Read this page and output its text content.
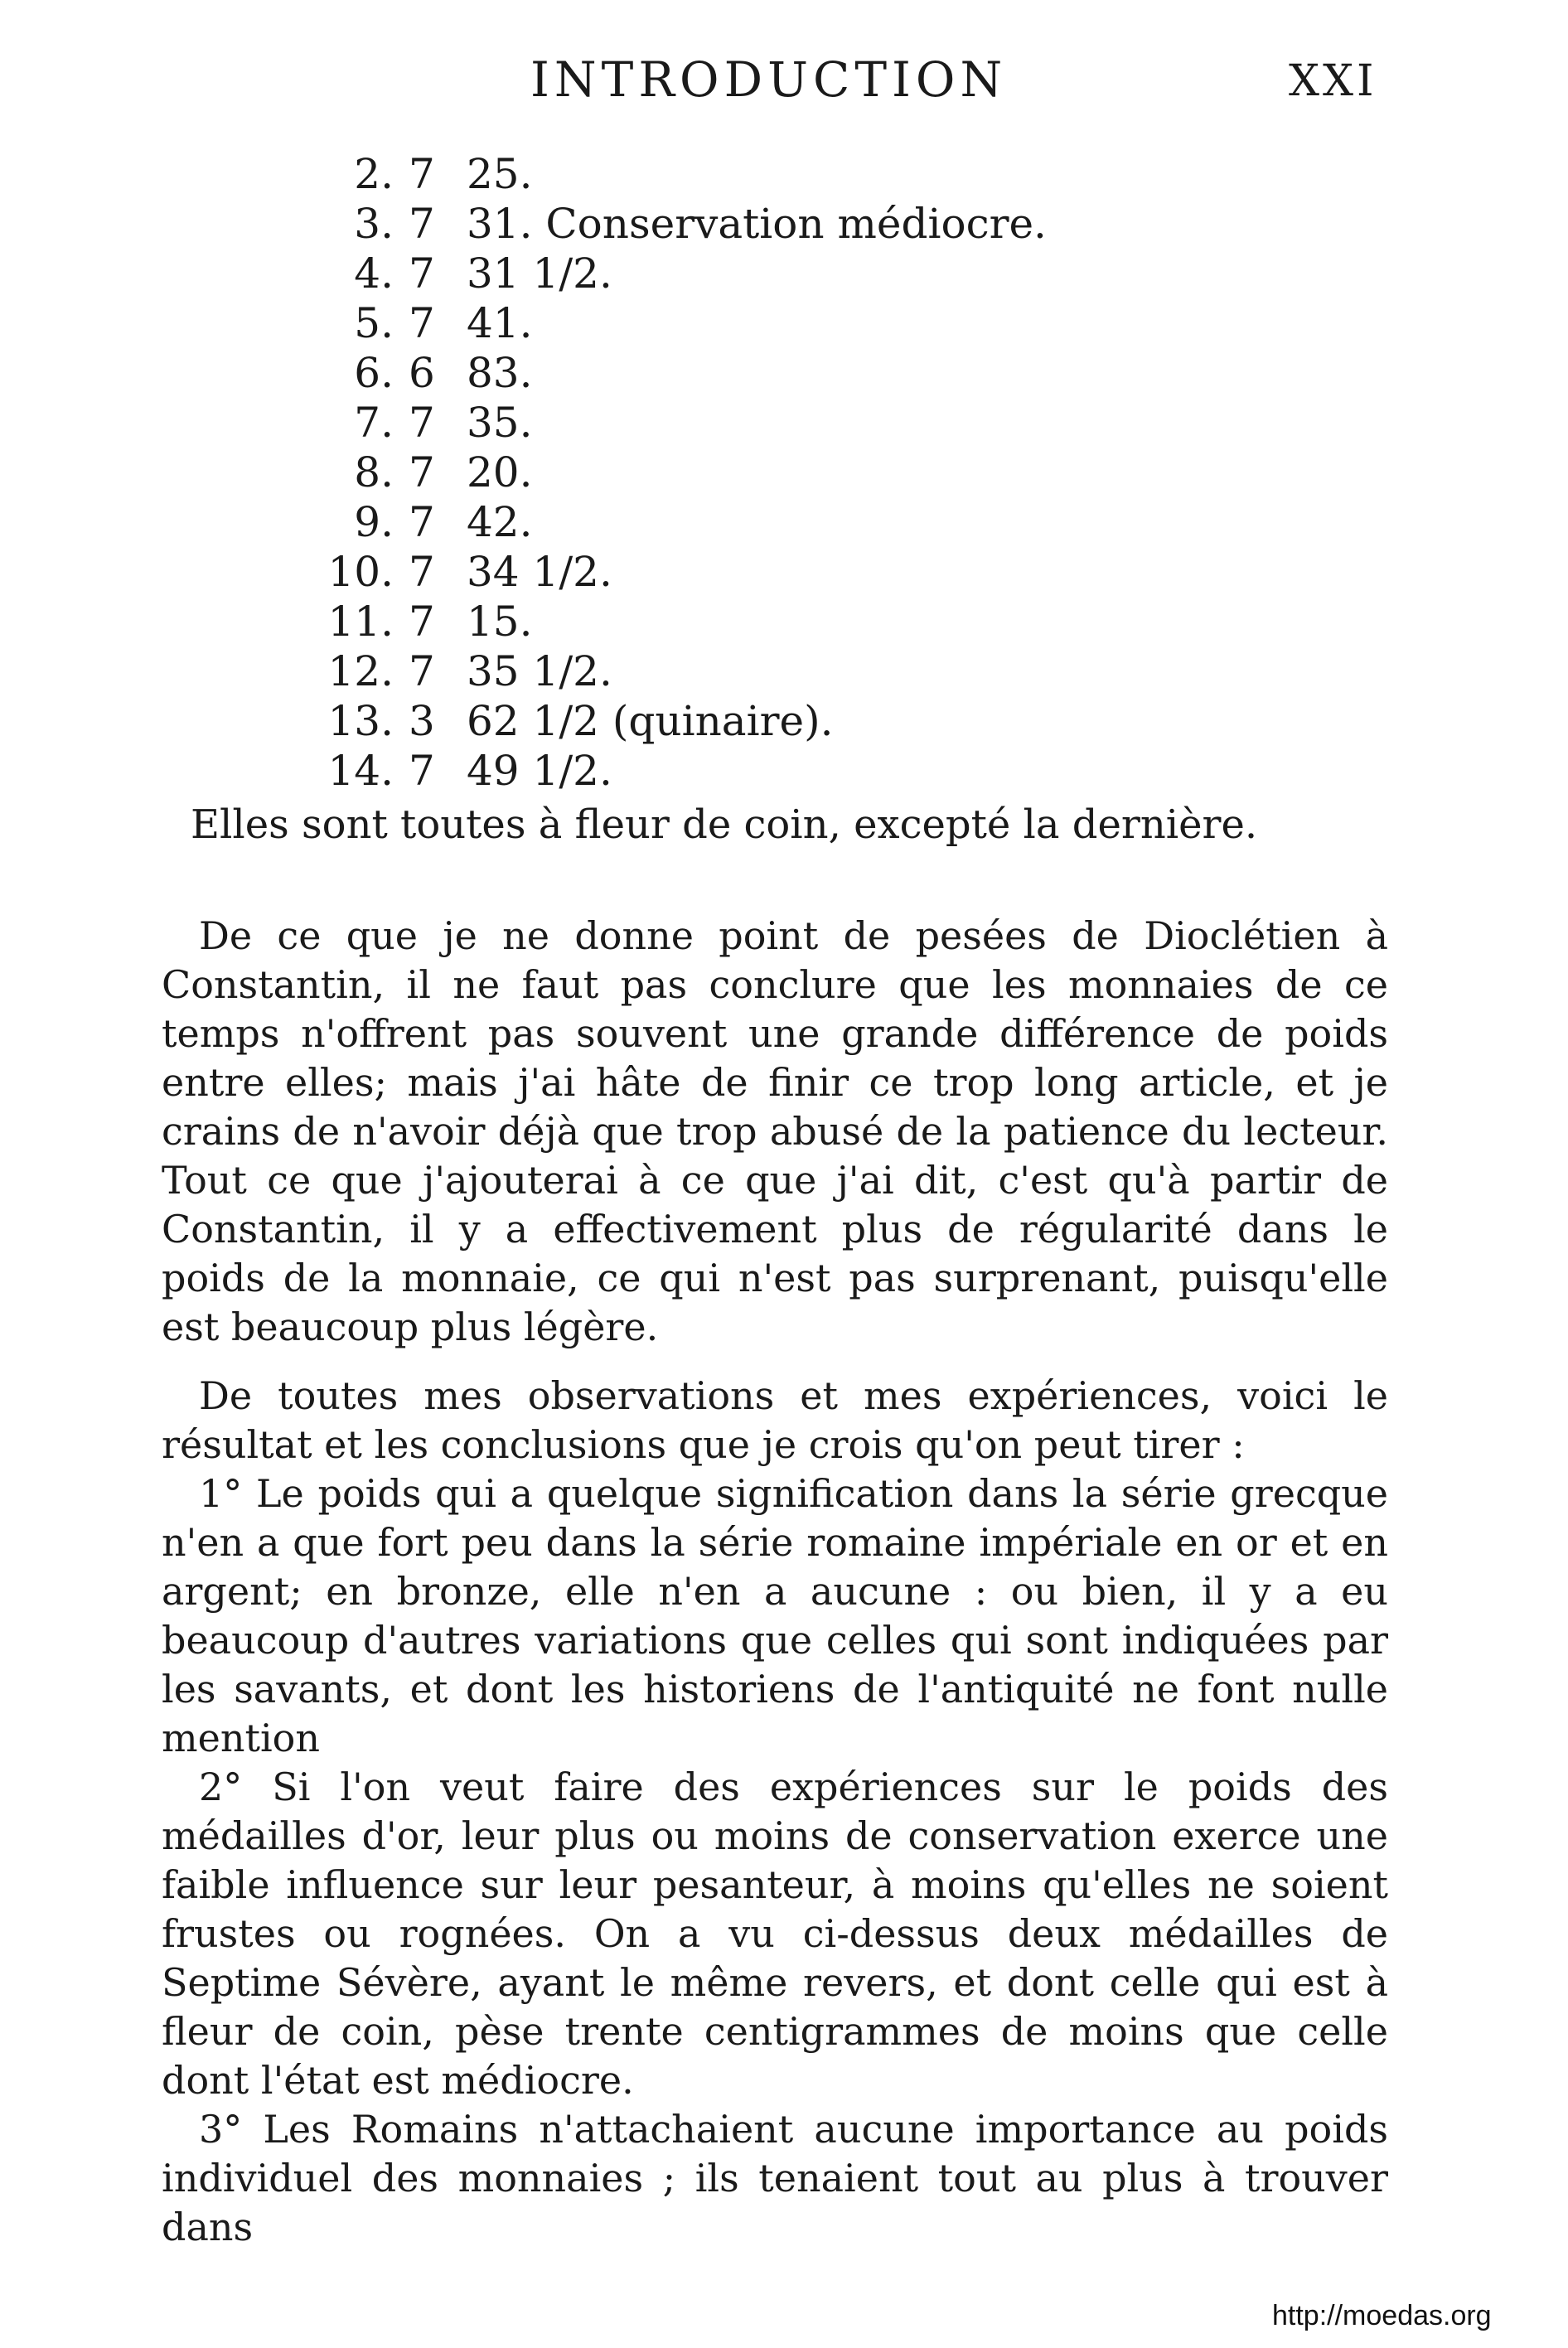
INTRODUCTION	XXI
2. 7 25.
3. 7 31. Conservation médiocre.
4. 7 31 1/2.
5. 7 41.
6. 6 83.
7. 7 35.
8. 7 20.
9. 7 42.
10. 7 34 1/2.
11. 7 15.
12. 7 35 1/2.
13. 3 62 1/2 (quinaire).
14. 7 49 1/2.
Elles sont toutes à fleur de coin, excepté la dernière.

De ce que je ne donne point de pesées de Dioclétien à Constantin, il ne faut pas conclure que les monnaies de ce temps n'offrent pas souvent une grande différence de poids entre elles; mais j'ai hâte de finir ce trop long article, et je crains de n'avoir déjà que trop abusé de la patience du lecteur. Tout ce que j'ajouterai à ce que j'ai dit, c'est qu'à partir de Constantin, il y a effectivement plus de régularité dans le poids de la monnaie, ce qui n'est pas surprenant, puisqu'elle est beaucoup plus légère.

De toutes mes observations et mes expériences, voici le résultat et les conclusions que je crois qu'on peut tirer :

1° Le poids qui a quelque signification dans la série grecque n'en a que fort peu dans la série romaine impériale en or et en argent; en bronze, elle n'en a aucune : ou bien, il y a eu beaucoup d'autres variations que celles qui sont indiquées par les savants, et dont les historiens de l'antiquité ne font nulle mention

2° Si l'on veut faire des expériences sur le poids des médailles d'or, leur plus ou moins de conservation exerce une faible influence sur leur pesanteur, à moins qu'elles ne soient frustes ou rognées. On a vu ci-dessus deux médailles de Septime Sévère, ayant le même revers, et dont celle qui est à fleur de coin, pèse trente centigrammes de moins que celle dont l'état est médiocre.

3° Les Romains n'attachaient aucune importance au poids individuel des monnaies ; ils tenaient tout au plus à trouver dans

http://moedas.org
